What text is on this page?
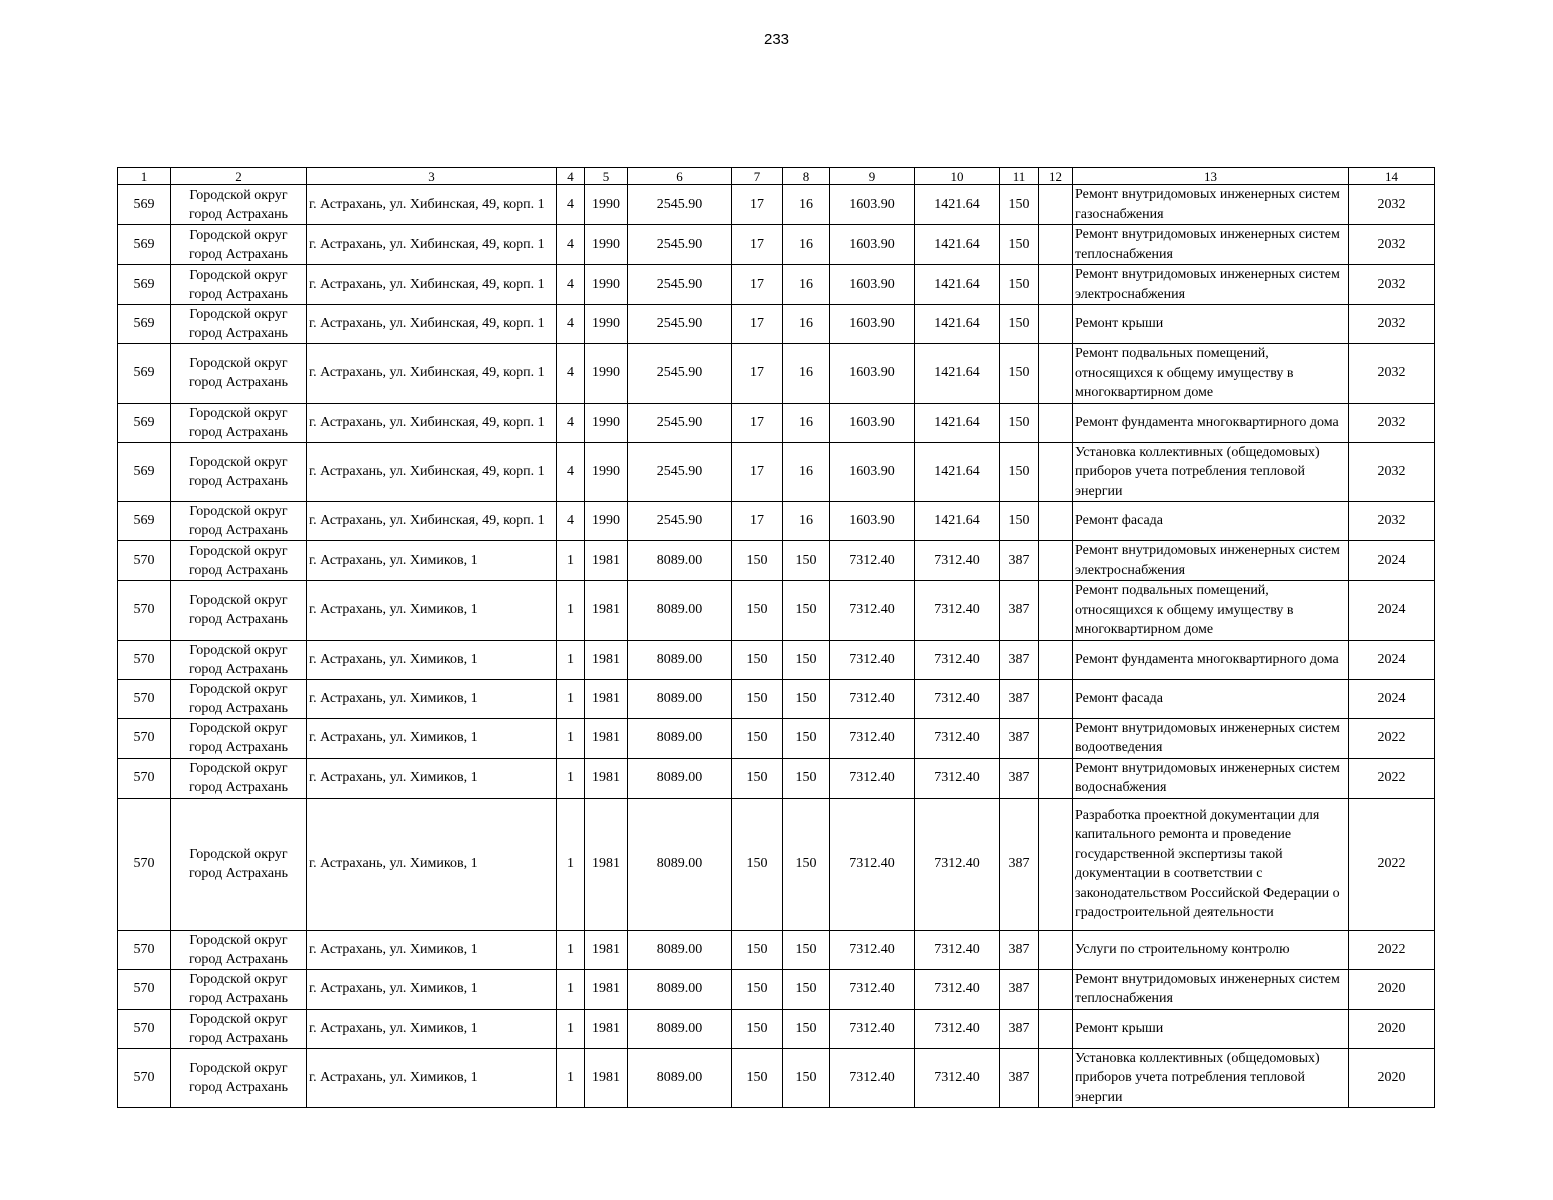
233
1	2	3	4	5	6	7	8	9	10	11	12	13	14
569	Городской округ город Астрахань	г. Астрахань, ул. Хибинская, 49, корп. 1	4	1990	2545.90	17	16	1603.90	1421.64	150		Ремонт внутридомовых инженерных систем газоснабжения	2032
569	Городской округ город Астрахань	г. Астрахань, ул. Хибинская, 49, корп. 1	4	1990	2545.90	17	16	1603.90	1421.64	150		Ремонт внутридомовых инженерных систем теплоснабжения	2032
569	Городской округ город Астрахань	г. Астрахань, ул. Хибинская, 49, корп. 1	4	1990	2545.90	17	16	1603.90	1421.64	150		Ремонт внутридомовых инженерных систем электроснабжения	2032
569	Городской округ город Астрахань	г. Астрахань, ул. Хибинская, 49, корп. 1	4	1990	2545.90	17	16	1603.90	1421.64	150		Ремонт крыши	2032
569	Городской округ город Астрахань	г. Астрахань, ул. Хибинская, 49, корп. 1	4	1990	2545.90	17	16	1603.90	1421.64	150		Ремонт подвальных помещений, относящихся к общему имуществу в многоквартирном доме	2032
569	Городской округ город Астрахань	г. Астрахань, ул. Хибинская, 49, корп. 1	4	1990	2545.90	17	16	1603.90	1421.64	150		Ремонт фундамента многоквартирного дома	2032
569	Городской округ город Астрахань	г. Астрахань, ул. Хибинская, 49, корп. 1	4	1990	2545.90	17	16	1603.90	1421.64	150		Установка коллективных (общедомовых) приборов учета потребления тепловой энергии	2032
569	Городской округ город Астрахань	г. Астрахань, ул. Хибинская, 49, корп. 1	4	1990	2545.90	17	16	1603.90	1421.64	150		Ремонт фасада	2032
570	Городской округ город Астрахань	г. Астрахань, ул. Химиков, 1	1	1981	8089.00	150	150	7312.40	7312.40	387		Ремонт внутридомовых инженерных систем электроснабжения	2024
570	Городской округ город Астрахань	г. Астрахань, ул. Химиков, 1	1	1981	8089.00	150	150	7312.40	7312.40	387		Ремонт подвальных помещений, относящихся к общему имуществу в многоквартирном доме	2024
570	Городской округ город Астрахань	г. Астрахань, ул. Химиков, 1	1	1981	8089.00	150	150	7312.40	7312.40	387		Ремонт фундамента многоквартирного дома	2024
570	Городской округ город Астрахань	г. Астрахань, ул. Химиков, 1	1	1981	8089.00	150	150	7312.40	7312.40	387		Ремонт фасада	2024
570	Городской округ город Астрахань	г. Астрахань, ул. Химиков, 1	1	1981	8089.00	150	150	7312.40	7312.40	387		Ремонт внутридомовых инженерных систем водоотведения	2022
570	Городской округ город Астрахань	г. Астрахань, ул. Химиков, 1	1	1981	8089.00	150	150	7312.40	7312.40	387		Ремонт внутридомовых инженерных систем водоснабжения	2022
570	Городской округ город Астрахань	г. Астрахань, ул. Химиков, 1	1	1981	8089.00	150	150	7312.40	7312.40	387		Разработка проектной документации для капитального ремонта и проведение государственной экспертизы такой документации в соответствии с законодательством Российской Федерации о градостроительной деятельности	2022
570	Городской округ город Астрахань	г. Астрахань, ул. Химиков, 1	1	1981	8089.00	150	150	7312.40	7312.40	387		Услуги по строительному контролю	2022
570	Городской округ город Астрахань	г. Астрахань, ул. Химиков, 1	1	1981	8089.00	150	150	7312.40	7312.40	387		Ремонт внутридомовых инженерных систем теплоснабжения	2020
570	Городской округ город Астрахань	г. Астрахань, ул. Химиков, 1	1	1981	8089.00	150	150	7312.40	7312.40	387		Ремонт крыши	2020
570	Городской округ город Астрахань	г. Астрахань, ул. Химиков, 1	1	1981	8089.00	150	150	7312.40	7312.40	387		Установка коллективных (общедомовых) приборов учета потребления тепловой энергии	2020
